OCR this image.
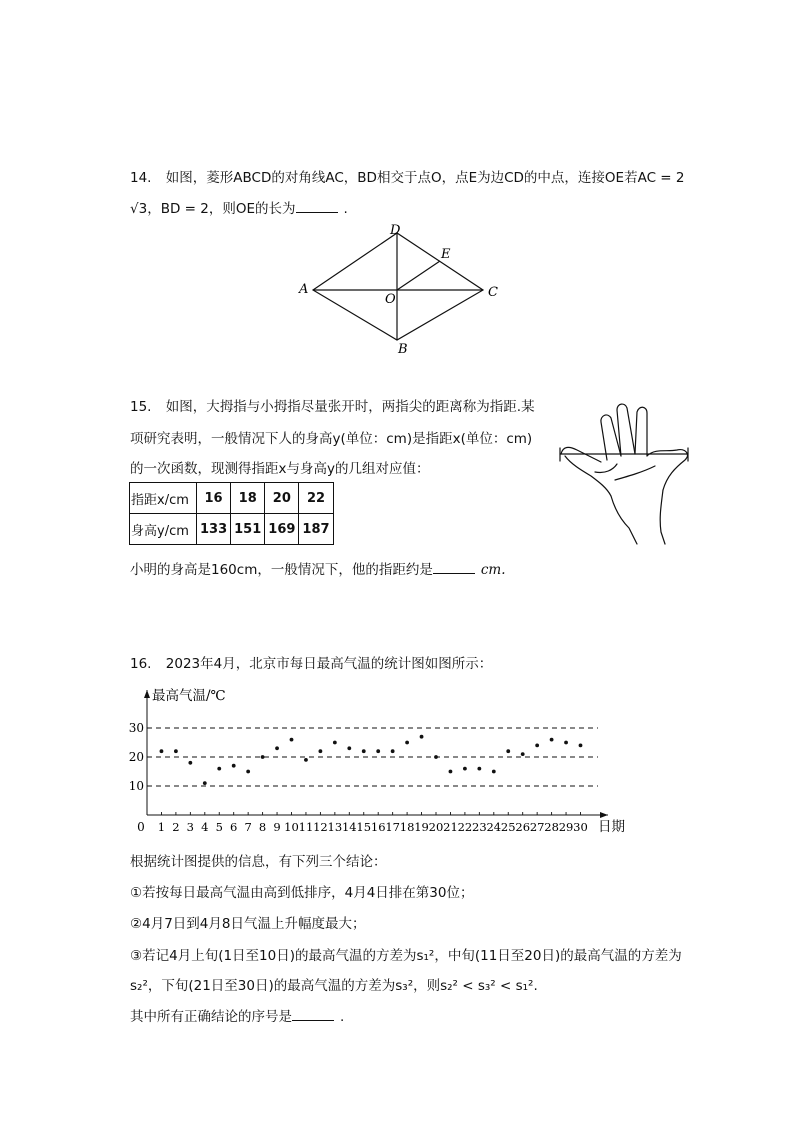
14. 如图，菱形ABCD的对角线AC，BD相交于点O，点E为边CD的中点，连接OE若AC = 2
√3，BD = 2，则OE的长为	.
A
D
E
C
O
B
15. 如图，大拇指与小拇指尽量张开时，两指尖的距离称为指距.某
项研究表明，一般情况下人的身高y(单位：cm)是指距x(单位：cm)
的一次函数，现测得指距x与身高y的几组对应值：
指距x/cm	16	18	20	22
身高y/cm	133	151	169	187
小明的身高是160cm，一般情况下，他的指距约是	cm.
16. 2023年4月，北京市每日最高气温的统计图如图所示：
10
20
30
0 1 2 3 4 5 6 7 8 9 10 11 12 13 14 15 16 17 18 19 20 21 22 23 24 25 26 27 28 29 30
最高气温/℃
日期
根据统计图提供的信息，有下列三个结论：
①若按每日最高气温由高到低排序，4月4日排在第30位；
②4月7日到4月8日气温上升幅度最大；
③若记4月上旬(1日至10日)的最高气温的方差为s₁²，中旬(11日至20日)的最高气温的方差为
s₂²，下旬(21日至30日)的最高气温的方差为s₃²，则s₂² < s₃² < s₁².
其中所有正确结论的序号是	.
